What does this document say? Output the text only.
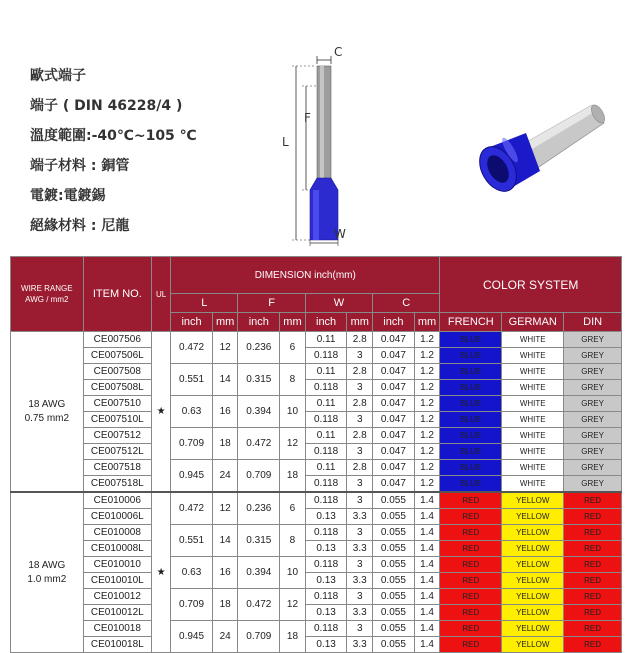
歐式端子
端子 ( DIN 46228/4 )
溫度範圍:-40℃~105 ℃
端子材料 : 銅管
電鍍:電鍍錫
絕緣材料 : 尼龍
C
L
F
W
WIRE RANGE
AWG / mm2	ITEM NO.	UL	DIMENSION inch(mm)								COLOR SYSTEM		
			L		F		W		C				
			inch	mm	inch	mm	inch	mm	inch	mm	FRENCH	GERMAN	DIN
18 AWG
0.75 mm2	CE007506	★	0.472	12	0.236	6	0.11	2.8	0.047	1.2	BLUE	WHITE	GREY
	CE007506L						0.118	3	0.047	1.2	BLUE	WHITE	GREY
	CE007508		0.551	14	0.315	8	0.11	2.8	0.047	1.2	BLUE	WHITE	GREY
	CE007508L						0.118	3	0.047	1.2	BLUE	WHITE	GREY
	CE007510		0.63	16	0.394	10	0.11	2.8	0.047	1.2	BLUE	WHITE	GREY
	CE007510L						0.118	3	0.047	1.2	BLUE	WHITE	GREY
	CE007512		0.709	18	0.472	12	0.11	2.8	0.047	1.2	BLUE	WHITE	GREY
	CE007512L						0.118	3	0.047	1.2	BLUE	WHITE	GREY
	CE007518		0.945	24	0.709	18	0.11	2.8	0.047	1.2	BLUE	WHITE	GREY
	CE007518L						0.118	3	0.047	1.2	BLUE	WHITE	GREY
18 AWG
1.0 mm2	CE010006	★	0.472	12	0.236	6	0.118	3	0.055	1.4	RED	YELLOW	RED
	CE010006L						0.13	3.3	0.055	1.4	RED	YELLOW	RED
	CE010008		0.551	14	0.315	8	0.118	3	0.055	1.4	RED	YELLOW	RED
	CE010008L						0.13	3.3	0.055	1.4	RED	YELLOW	RED
	CE010010		0.63	16	0.394	10	0.118	3	0.055	1.4	RED	YELLOW	RED
	CE010010L						0.13	3.3	0.055	1.4	RED	YELLOW	RED
	CE010012		0.709	18	0.472	12	0.118	3	0.055	1.4	RED	YELLOW	RED
	CE010012L						0.13	3.3	0.055	1.4	RED	YELLOW	RED
	CE010018		0.945	24	0.709	18	0.118	3	0.055	1.4	RED	YELLOW	RED
	CE010018L						0.13	3.3	0.055	1.4	RED	YELLOW	RED
